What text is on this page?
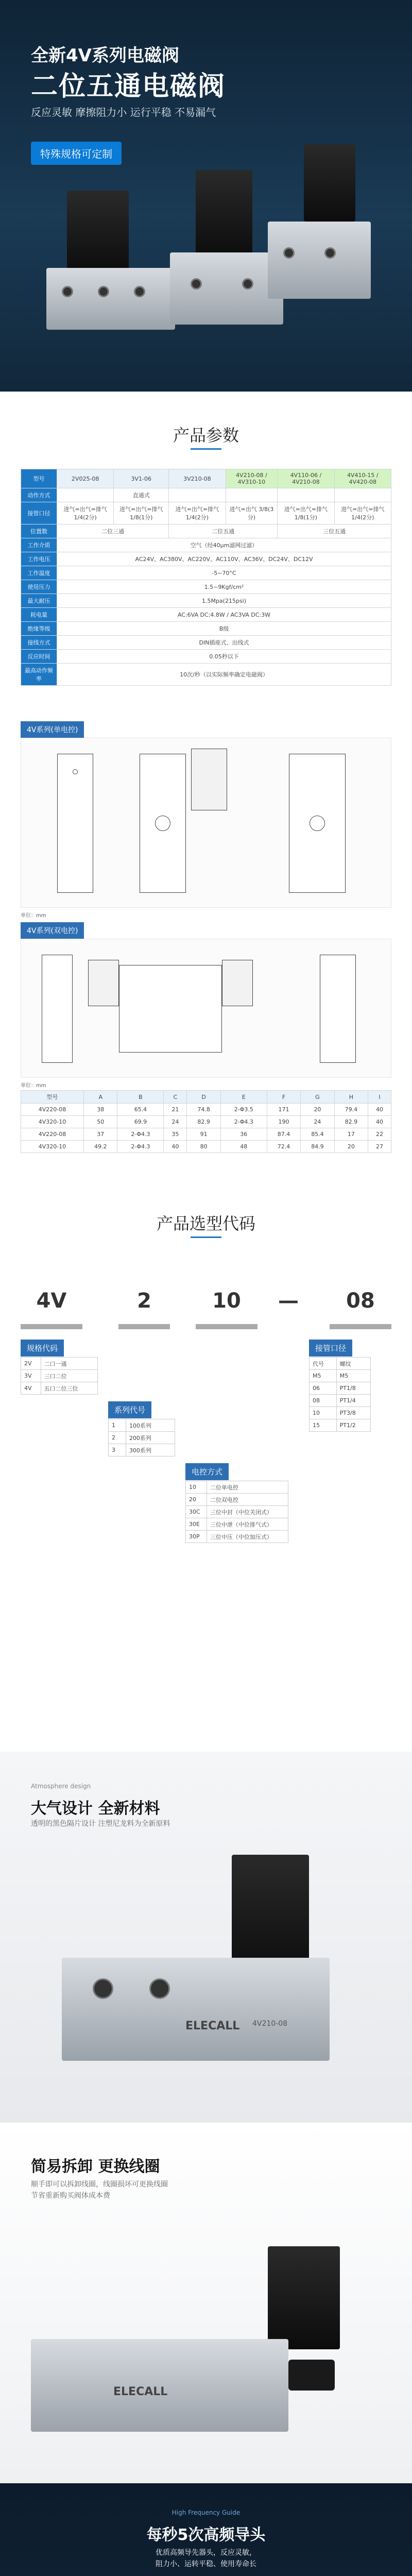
全新4V系列电磁阀
二位五通电磁阀
反应灵敏 摩擦阻力小 运行平稳 不易漏气
特殊规格可定制
产品参数
型号	2V025-08	3V1-06	3V210-08	4V210-08 / 4V310-10	4V110-06 / 4V210-08	4V410-15 / 4V420-08
动作方式		直通式				
接管口径	进气=出气=排气 1/4(2分)	进气=出气=排气 1/8(1分)	进气=出气=排气 1/4(2分)	进气=出气 3/8(3分)	进气=出气=排气 1/8(1分)	进气=出气=排气 1/4(2分)
位置数	二位三通		二位五通		三位五通	
工作介质	空气（经40μm滤网过滤）					
工作电压	AC24V、AC380V、AC220V、AC110V、AC36V、DC24V、DC12V					
工作温度	-5~70°C					
使用压力	1.5~9Kgf/cm²					
最大耐压	1.5Mpa(215psi)					
耗电量	AC:6VA DC:4.8W / AC3VA DC:3W					
绝缘等级	B级					
接线方式	DIN插座式、出线式					
反应时间	0.05秒以下					
最高动作频率	10次/秒（以实际频率确定电磁阀）					
4V系列(单电控)
单位：mm
4V系列(双电控)
单位：mm
型号	A	B	C	D	E	F	G	H	I
4V220-08	38	65.4	21	74.8	2-Φ3.5	171	20	79.4	40
4V320-10	50	69.9	24	82.9	2-Φ4.3	190	24	82.9	40
4V220-08	37	2-Φ4.3	35	91	36	87.4	85.4	17	22
4V320-10	49.2	2-Φ4.3	40	80	48	72.4	84.9	20	27
产品选型代码
4V	2	10	—	08
规格代码
2V	二口一通
3V	三口二位
4V	五口二位三位
系列代号
1	100系列
2	200系列
3	300系列
电控方式
10	二位单电控
20	二位双电控
30C	三位中封（中位关闭式）
30E	三位中泄（中位排气式）
30P	三位中压（中位加压式）
接管口径
代号	螺纹
M5	M5
06	PT1/8
08	PT1/4
10	PT3/8
15	PT1/2
Atmosphere design
大气设计 全新材料
透明的黑色隔片设计 注塑尼龙料为全新原料
ELECALL 4V210-08
简易拆卸 更换线圈
顺手即可以拆卸线圈，线圈损坏可更换线圈
节省重新购买阀体成本费
ELECALL
High Frequency Guide
每秒5次高频导头
优质高频导先器头，反应灵敏，
阻力小、运转平稳、使用寿命长
